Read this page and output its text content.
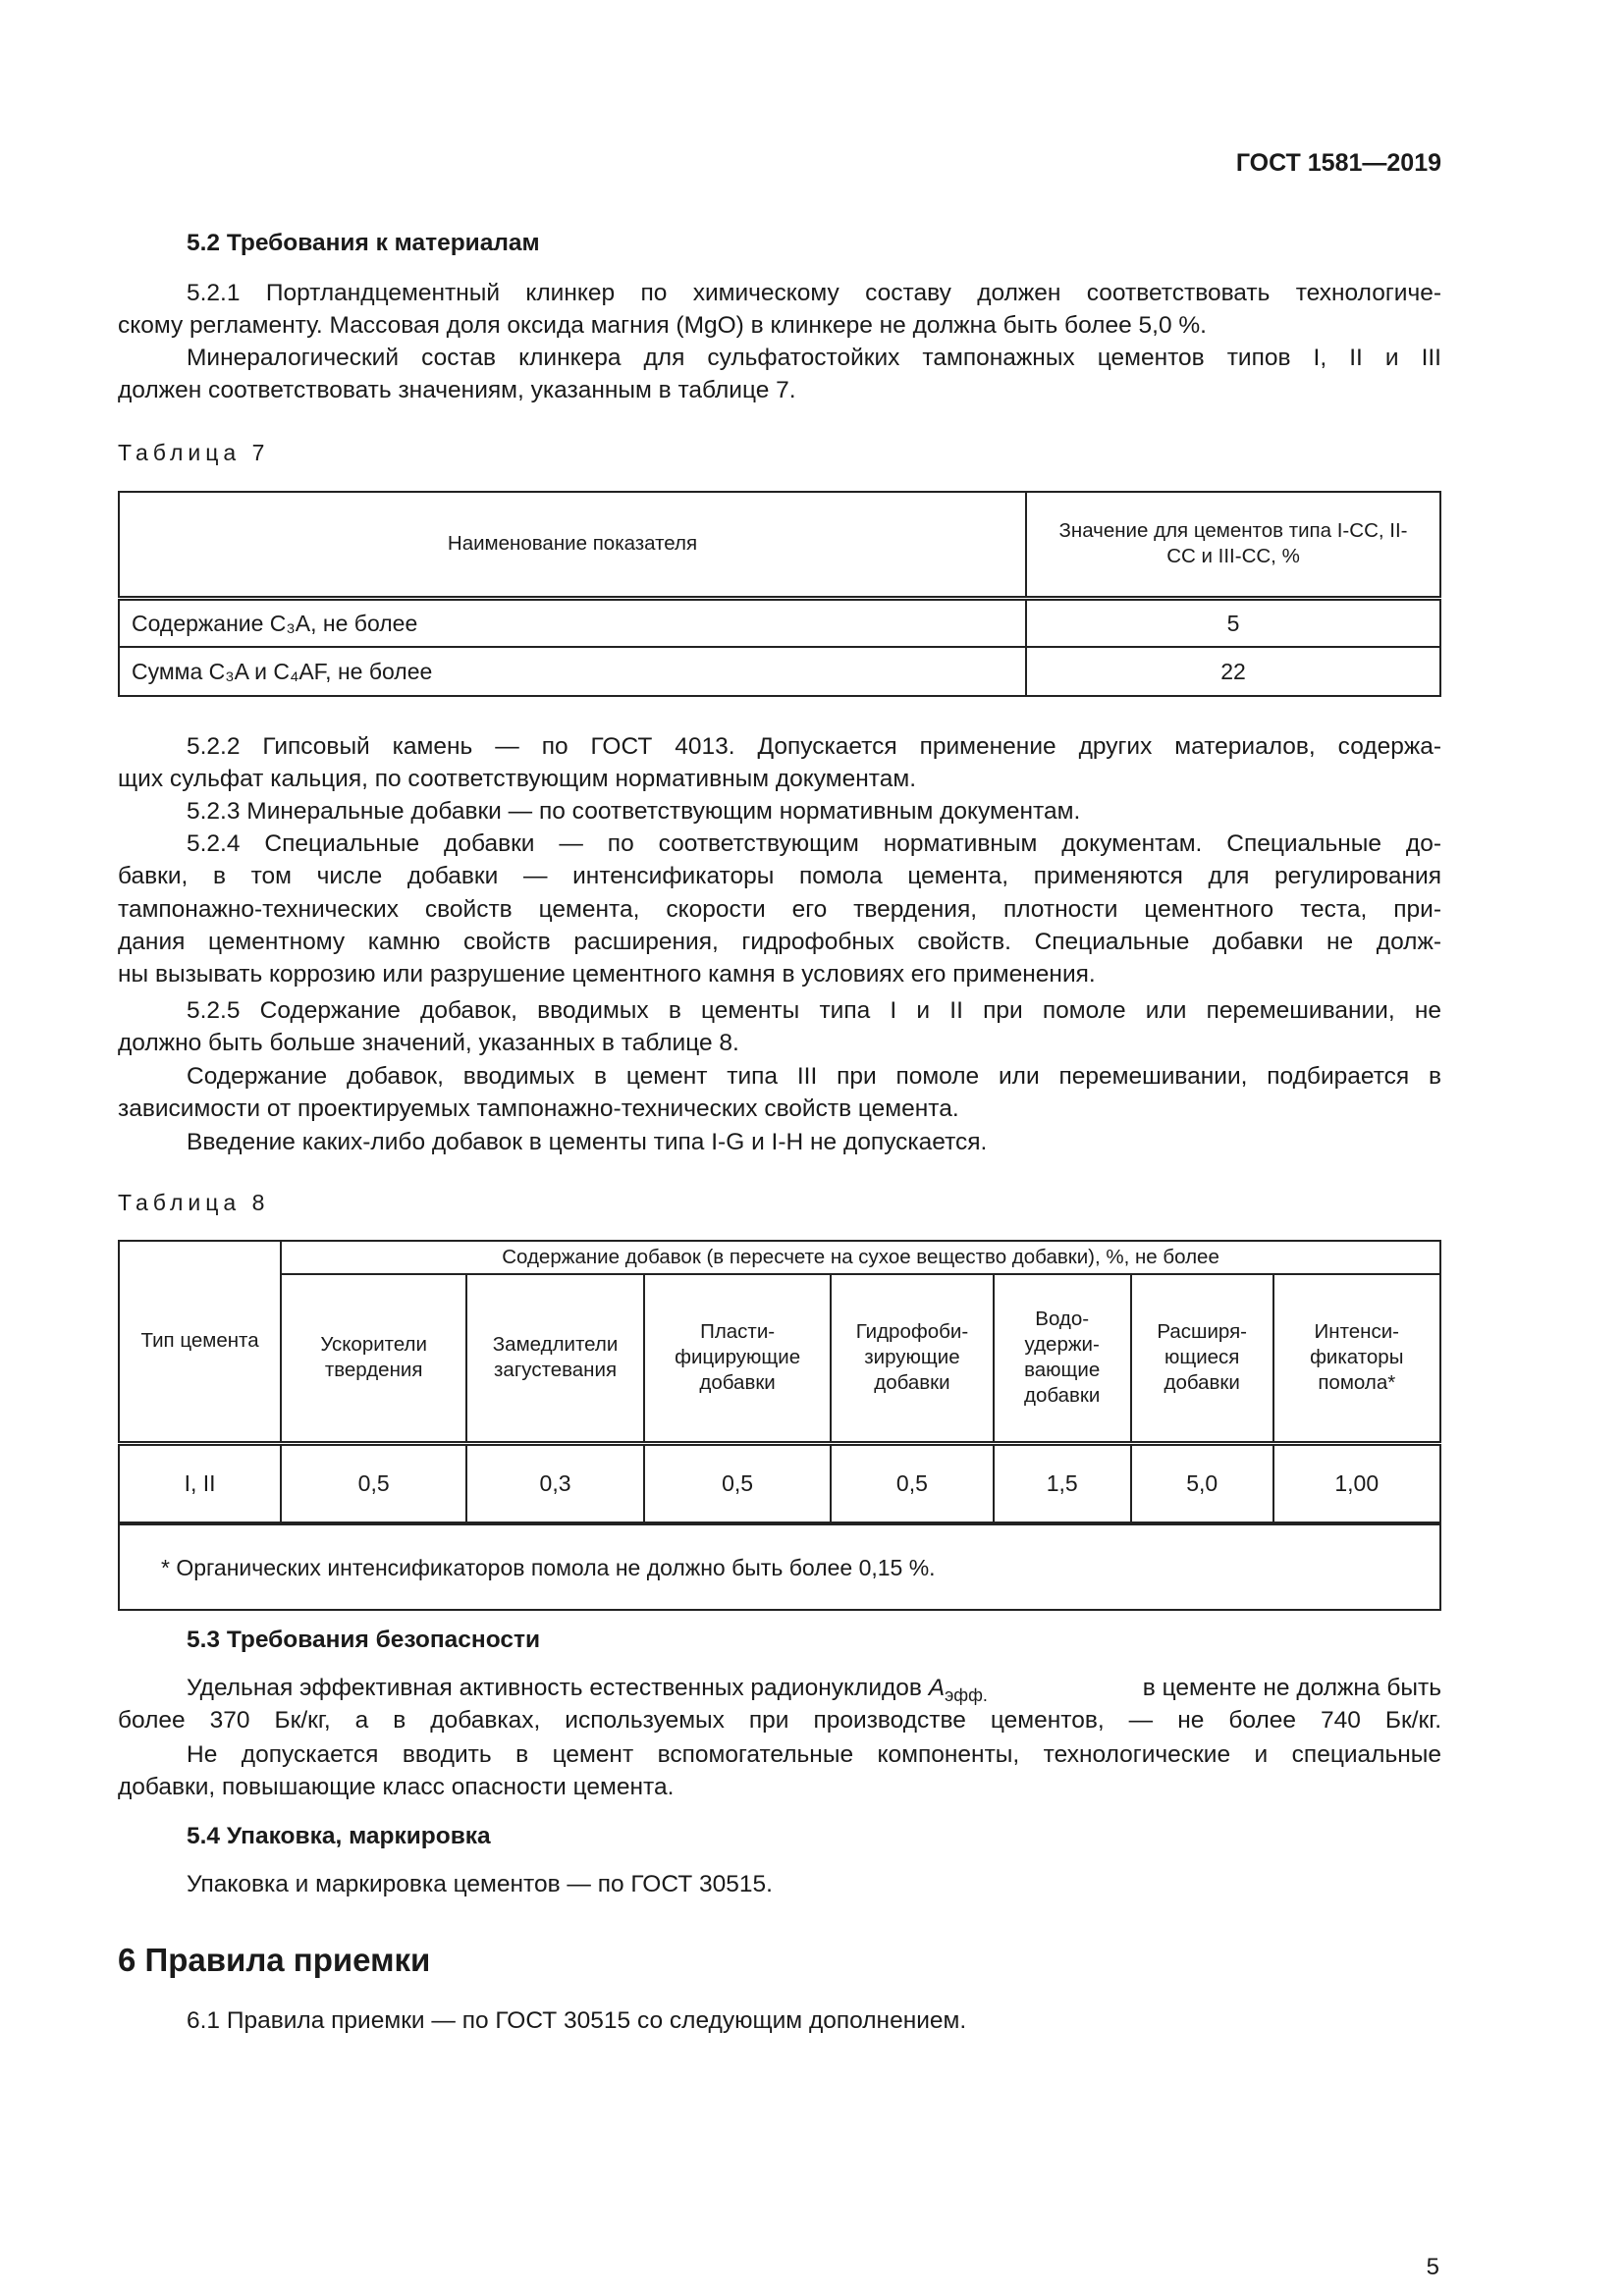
ГОСТ 1581—2019
5.2 Требования к материалам
Таблица 7
Наименование показателя	Значение для цементов типа I-CC, II-CC и III-CC, %
Содержание C₃A, не более	5
Сумма C₃A и C₄AF, не более	22
Таблица 8
Тип цемента	Содержание добавок (в пересчете на сухое вещество добавки), %, не более						
	Ускорители твердения	Замедлители загустевания	Пласти-фицирующие добавки	Гидрофоби-зирующие добавки	Водо-удержи-вающие добавки	Расширя-ющиеся добавки	Интенси-фикаторы помола*
I, II	0,5	0,3	0,5	0,5	1,5	5,0	1,00
* Органических интенсификаторов помола не должно быть более 0,15 %.							
5.3 Требования безопасности
Удельная эффективная активность естественных радионуклидов $A_{эфф.}$	в цементе не должна быть
более 370 Бк/кг, а в добавках, используемых при производстве цементов, — не более 740 Бк/кг.
5.4 Упаковка, маркировка
6 Правила приемки
5
5.2.1 Портландцементный клинкер по химическому составу должен соответствовать технологиче-
скому регламенту. Массовая доля оксида магния (MgO) в клинкере не должна быть более 5,0 %.
Минералогический состав клинкера для сульфатостойких тампонажных цементов типов I, II и III
должен соответствовать значениям, указанным в таблице 7.
5.2.2 Гипсовый камень — по ГОСТ 4013. Допускается применение других материалов, содержа-
щих сульфат кальция, по соответствующим нормативным документам.
5.2.3 Минеральные добавки — по соответствующим нормативным документам.
5.2.4 Специальные добавки — по соответствующим нормативным документам. Специальные до-
бавки, в том числе добавки — интенсификаторы помола цемента, применяются для регулирования
тампонажно-технических свойств цемента, скорости его твердения, плотности цементного теста, при-
дания цементному камню свойств расширения, гидрофобных свойств. Специальные добавки не долж-
ны вызывать коррозию или разрушение цементного камня в условиях его применения.
5.2.5 Содержание добавок, вводимых в цементы типа I и II при помоле или перемешивании, не
должно быть больше значений, указанных в таблице 8.
Содержание добавок, вводимых в цемент типа III при помоле или перемешивании, подбирается в
зависимости от проектируемых тампонажно-технических свойств цемента.
Введение каких-либо добавок в цементы типа I-G и I-H не допускается.
Не допускается вводить в цемент вспомогательные компоненты, технологические и специальные
добавки, повышающие класс опасности цемента.
Упаковка и маркировка цементов — по ГОСТ 30515.
6.1 Правила приемки — по ГОСТ 30515 со следующим дополнением.
